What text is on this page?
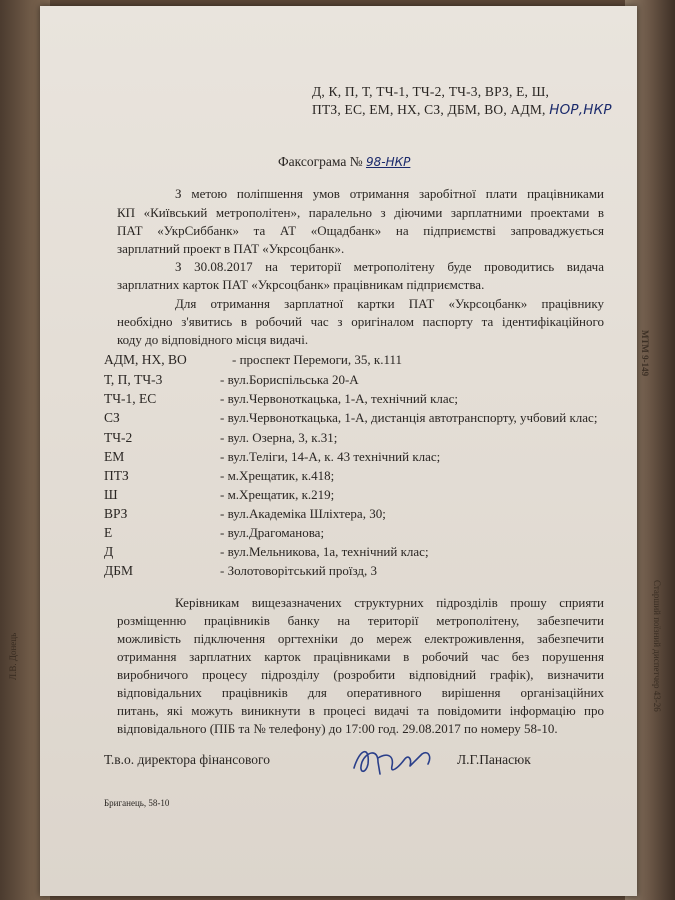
МТМ 9-149
Старший поїзний диспетчер 43-26
Л.В. Донець
Д, К, П, Т, ТЧ-1, ТЧ-2, ТЧ-3, ВРЗ, Е, Ш,
ПТЗ, ЕС, ЕМ, НХ, СЗ, ДБМ, ВО, АДМ, НОР,НКР
Факсограма № 98-НКР
З метою поліпшення умов отримання заробітної плати працівниками
КП «Київський метрополітен», паралельно з діючими зарплатними проектами в
ПАТ «УкрСиббанк» та АТ «Ощадбанк» на підприємстві запроваджується
зарплатний проект в ПАТ «Укрсоцбанк».
З 30.08.2017 на території метрополітену буде проводитись видача
зарплатних карток ПАТ «Укрсоцбанк» працівникам підприємства.
Для отримання зарплатної картки ПАТ «Укрсоцбанк» працівнику
необхідно з'явитись в робочий час з оригіналом паспорту та ідентифікаційного
коду до відповідного місця видачі.
АДМ, НХ, ВО	- проспект Перемоги, 35, к.111
Т, П, ТЧ-3	- вул.Бориспільська 20-А
ТЧ-1, ЕС	- вул.Червоноткацька, 1-А, технічний клас;
СЗ	- вул.Червоноткацька, 1-А, дистанція автотранспорту, учбовий клас;
ТЧ-2	- вул. Озерна, 3, к.31;
ЕМ	- вул.Теліги, 14-А, к. 43 технічний клас;
ПТЗ	- м.Хрещатик, к.418;
Ш	- м.Хрещатик, к.219;
ВРЗ	- вул.Академіка Шліхтера, 30;
Е	- вул.Драгоманова;
Д	- вул.Мельникова, 1а, технічний клас;
ДБМ	- Золотоворітський проїзд, 3
Керівникам вищезазначених структурних підрозділів прошу сприяти
розміщенню працівників банку на території метрополітену, забезпечити
можливість підключення оргтехніки до мереж електроживлення, забезпечити
отримання зарплатних карток працівниками в робочий час без порушення
виробничого процесу підрозділу (розробити відповідний графік), визначити
відповідальних працівників для оперативного вирішення організаційних
питань, які можуть виникнути в процесі видачі та повідомити інформацію про
відповідального (ПІБ та № телефону) до 17:00 год. 29.08.2017 по номеру 58-10.
Т.в.о. директора фінансового	Л.Г.Панасюк
Бриганець, 58-10
